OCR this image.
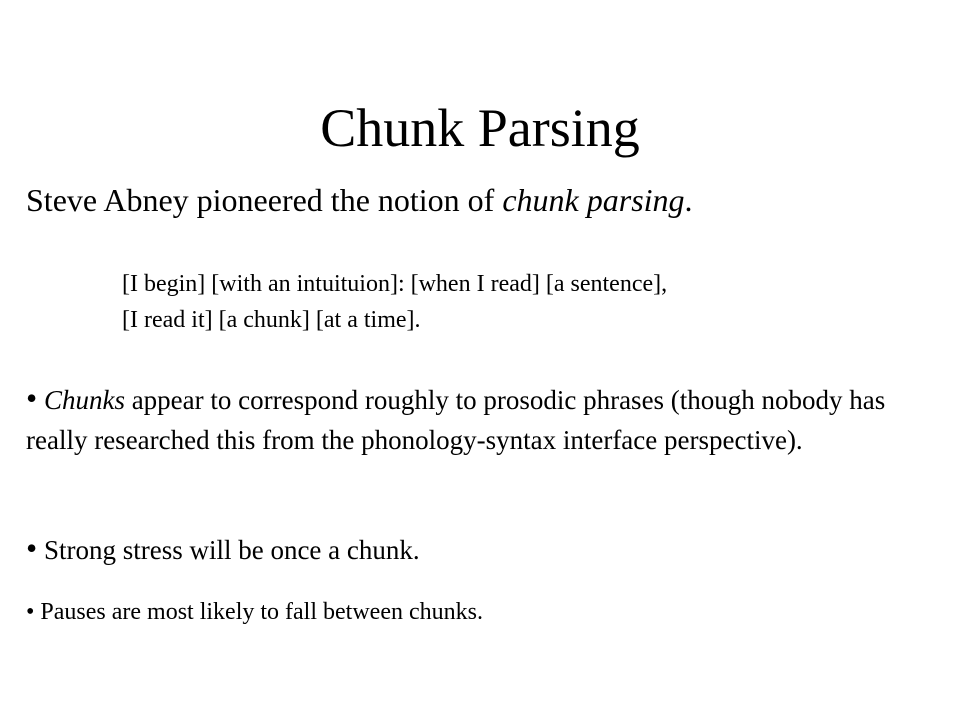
Chunk Parsing

Steve Abney pioneered the notion of chunk parsing.

[I begin] [with an intuituion]: [when I read] [a sentence],
[I read it] [a chunk] [at a time].

• Chunks appear to correspond roughly to prosodic phrases (though nobody has really researched this from the phonology-syntax interface perspective).

• Strong stress will be once a chunk.

• Pauses are most likely to fall between chunks.
